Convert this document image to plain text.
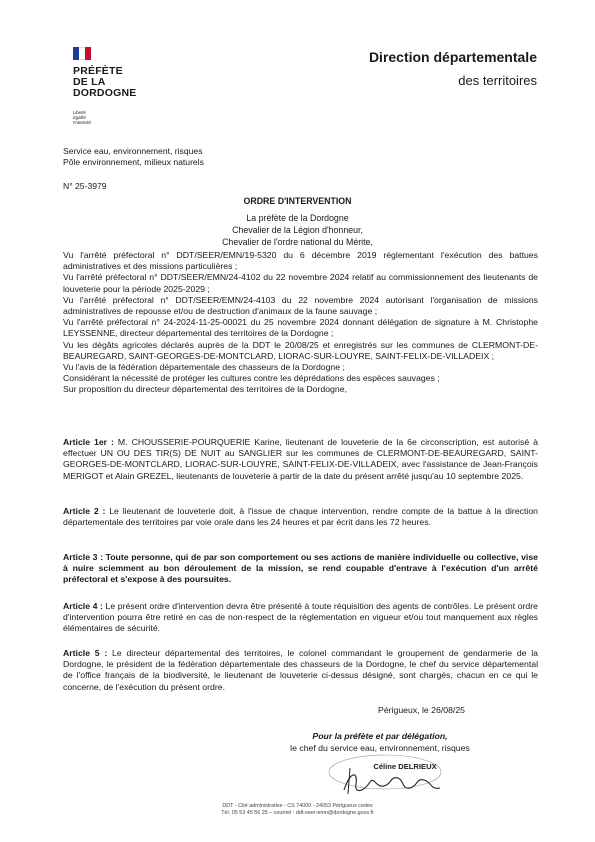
PRÉFÈTE
DE LA
DORDOGNE
Liberté
Égalité
Fraternité
Direction départementale
des territoires
Service eau, environnement, risques
Pôle environnement, milieux naturels
N° 25-3979
ORDRE D'INTERVENTION
La préfète de la Dordogne
Chevalier de la Légion d'honneur,
Chevalier de l'ordre national du Mérite,
Vu l'arrêté préfectoral n° DDT/SEER/EMN/19-5320 du 6 décembre 2019 réglementant l'exécution des battues administratives et des missions particulières ;
Vu l'arrêté préfectoral n° DDT/SEER/EMN/24-4102 du 22 novembre 2024 relatif au commissionnement des lieutenants de louveterie pour la période 2025-2029 ;
Vu l'arrêté préfectoral n° DDT/SEER/EMN/24-4103 du 22 novembre 2024 autorisant l'organisation de missions administratives de repousse et/ou de destruction d'animaux de la faune sauvage ;
Vu l'arrêté préfectoral n° 24-2024-11-25-00021 du 25 novembre 2024 donnant délégation de signature à M. Christophe LEYSSENNE, directeur départemental des territoires de la Dordogne ;
Vu les dégâts agricoles déclarés auprès de la DDT le 20/08/25 et enregistrés sur les communes de CLERMONT-DE-BEAUREGARD, SAINT-GEORGES-DE-MONTCLARD, LIORAC-SUR-LOUYRE, SAINT-FELIX-DE-VILLADEIX ;
Vu l'avis de la fédération départementale des chasseurs de la Dordogne ;
Considérant la nécessité de protéger les cultures contre les déprédations des espèces sauvages ;
Sur proposition du directeur départemental des territoires de la Dordogne,
Article 1er : M. CHOUSSERIE-POURQUERIE Karine, lieutenant de louveterie de la 6e circonscription, est autorisé à effectuer UN OU DES TIR(S) DE NUIT au SANGLIER sur les communes de CLERMONT-DE-BEAUREGARD, SAINT-GEORGES-DE-MONTCLARD, LIORAC-SUR-LOUYRE, SAINT-FELIX-DE-VILLADEIX, avec l'assistance de Jean-François MERIGOT et Alain GREZEL, lieutenants de louveterie à partir de la date du présent arrêté jusqu'au 10 septembre 2025.
Article 2 : Le lieutenant de louveterie doit, à l'issue de chaque intervention, rendre compte de la battue à la direction départementale des territoires par voie orale dans les 24 heures et par écrit dans les 72 heures.
Article 3 : Toute personne, qui de par son comportement ou ses actions de manière individuelle ou collective, vise à nuire sciemment au bon déroulement de la mission, se rend coupable d'entrave à l'exécution d'un arrêté préfectoral et s'expose à des poursuites.
Article 4 : Le présent ordre d'intervention devra être présenté à toute réquisition des agents de contrôles. Le présent ordre d'intervention pourra être retiré en cas de non-respect de la réglementation en vigueur et/ou tout manquement aux règles élémentaires de sécurité.
Article 5 : Le directeur départemental des territoires, le colonel commandant le groupement de gendarmerie de la Dordogne, le président de la fédération départementale des chasseurs de la Dordogne, le chef du service départemental de l'office français de la biodiversité, le lieutenant de louveterie ci-dessus désigné, sont chargés, chacun en ce qui le concerne, de l'exécution du présent ordre.
Périgueux, le 26/08/25
Pour la préfète et par délégation,
le chef du service eau, environnement, risques
Céline DELRIEUX
DDT - Cité administrative - CS 74000 - 24053 Périgueux cedex
Tél. 05 53 45 56 25 – courriel : ddt-seer-emn@dordogne.gouv.fr
